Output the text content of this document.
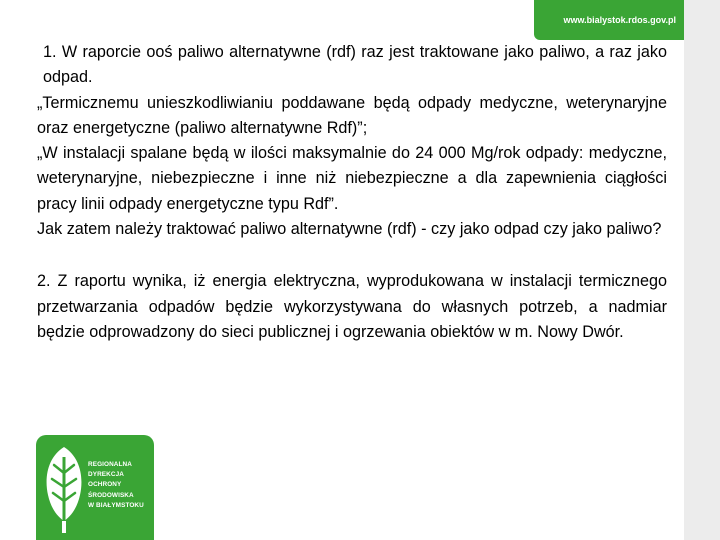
www.bialystok.rdos.gov.pl

1. W raporcie ooś paliwo alternatywne (rdf) raz jest traktowane jako paliwo, a raz jako odpad.

„Termicznemu unieszkodliwianiu poddawane będą odpady medyczne, weterynaryjne oraz energetyczne (paliwo alternatywne Rdf)”;

„W instalacji spalane będą w ilości maksymalnie do 24 000 Mg/rok odpady: medyczne, weterynaryjne, niebezpieczne i inne niż niebezpieczne a dla zapewnienia ciągłości pracy linii odpady energetyczne typu Rdf”.

Jak zatem należy traktować paliwo alternatywne (rdf) - czy jako odpad czy jako paliwo?

2. Z raportu wynika, iż energia elektryczna, wyprodukowana w instalacji termicznego przetwarzania odpadów będzie wykorzystywana do własnych potrzeb, a nadmiar będzie odprowadzony do sieci publicznej i ogrzewania obiektów w m. Nowy Dwór.

REGIONALNA
DYREKCJA
OCHRONY
ŚRODOWISKA
W BIAŁYMSTOKU
